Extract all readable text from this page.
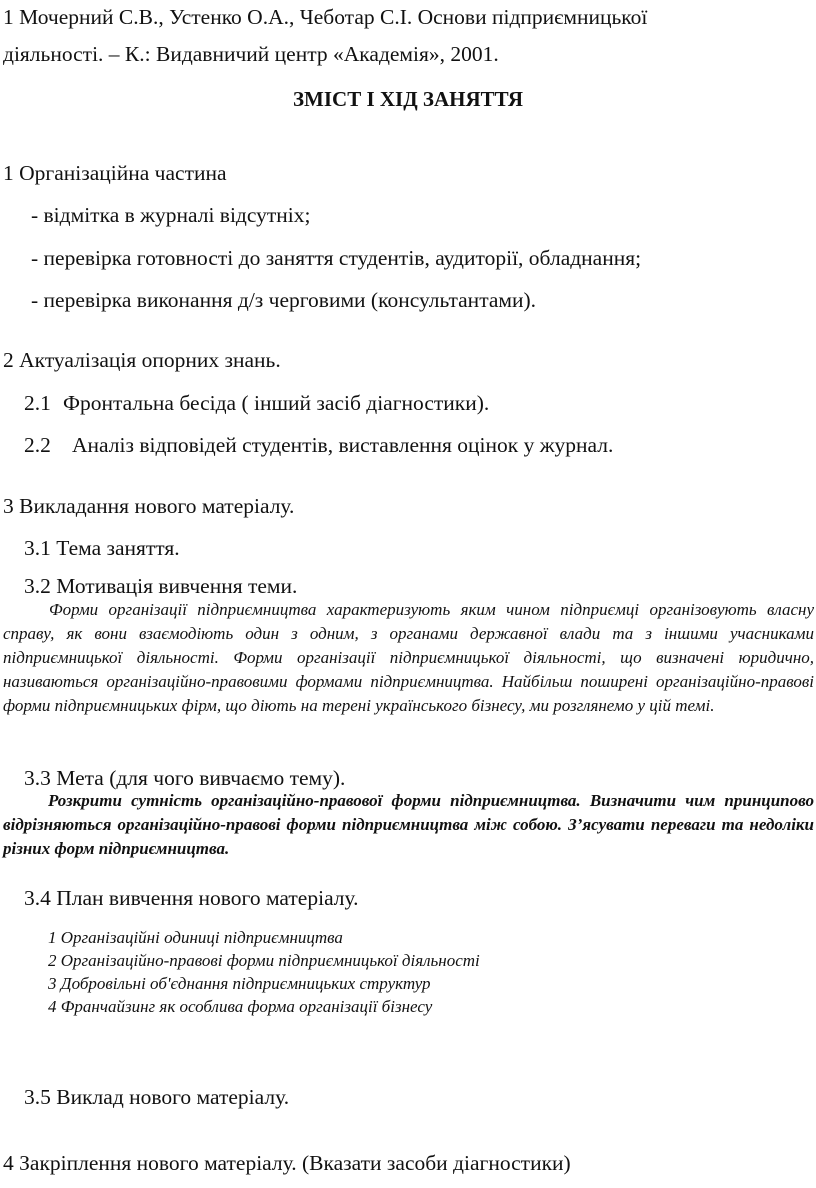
1 Мочерний С.В., Устенко О.А., Чеботар С.І. Основи підприємницької
діяльності. – К.: Видавничий центр «Академія», 2001.
ЗМІСТ І ХІД ЗАНЯТТЯ
1 Організаційна частина
- відмітка в журналі відсутніх;
- перевірка готовності до заняття студентів, аудиторії, обладнання;
- перевірка виконання д/з черговими (консультантами).
2 Актуалізація опорних знань.
2.1 Фронтальна бесіда ( інший засіб діагностики).
2.2 Аналіз відповідей студентів, виставлення оцінок у журнал.
3 Викладання нового матеріалу.
3.1 Тема заняття.
3.2 Мотивація вивчення теми.

Форми організації підприємництва характеризують яким чином підприємці організовують власну справу, як вони взаємодіють один з одним, з органами державної влади та з іншими учасниками підприємницької діяльності. Форми організації підприємницької діяльності, що визначені юридично, називаються організаційно-правовими формами підприємництва. Найбільш поширені організаційно-правові форми підприємницьких фірм, що діють на терені українського бізнесу, ми розглянемо у цій темі.

3.3 Мета (для чого вивчаємо тему).

Розкрити сутність організаційно-правової форми підприємництва. Визначити чим принципово відрізняються організаційно-правові форми підприємництва між собою. З’ясувати переваги та недоліки різних форм підприємництва.

3.4 План вивчення нового матеріалу.
1 Організаційні одиниці підприємництва
2 Організаційно-правові форми підприємницької діяльності
3 Добровільні об'єднання підприємницьких структур
4 Франчайзинг як особлива форма організації бізнесу
3.5 Виклад нового матеріалу.
4 Закріплення нового матеріалу. (Вказати засоби діагностики)
